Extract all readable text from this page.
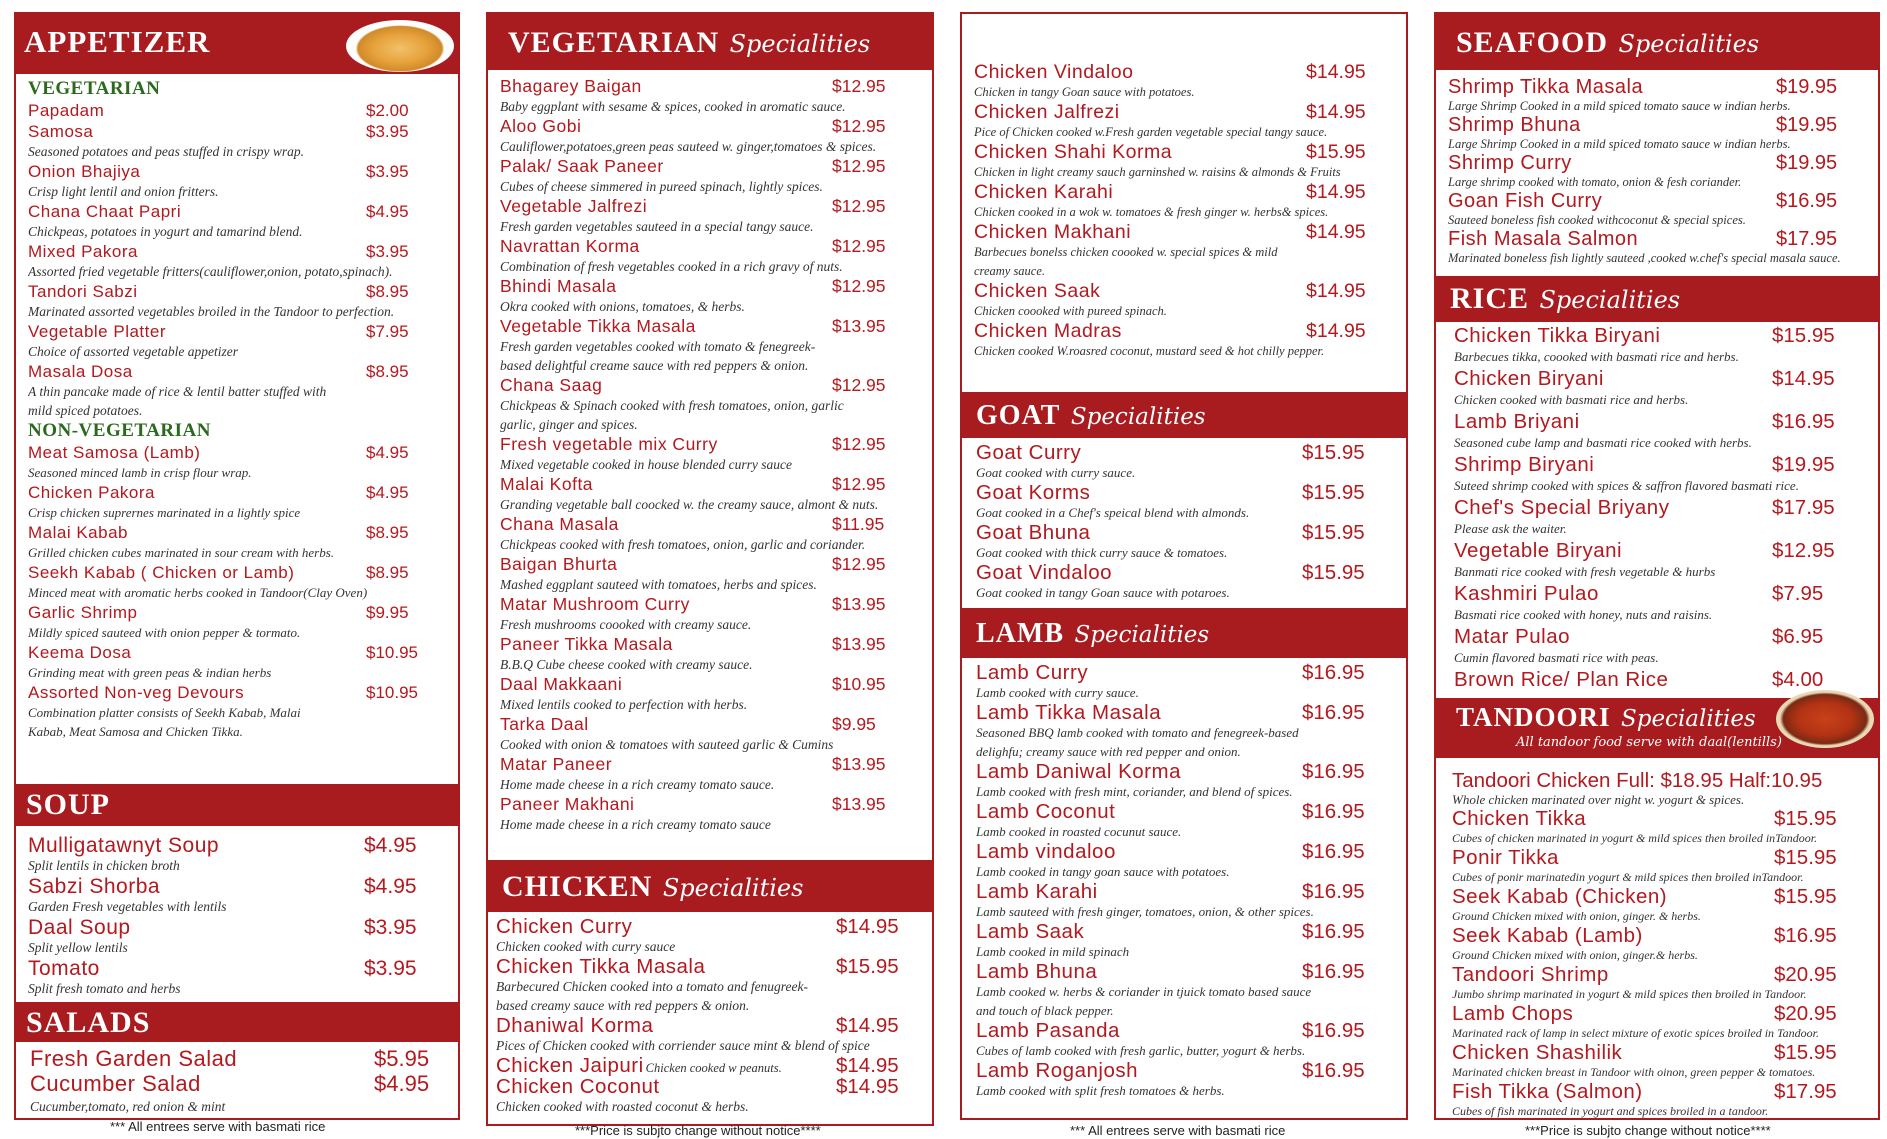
APPETIZER
VEGETARIAN
Papadam	$2.00
Samosa	$3.95
Seasoned potatoes and peas stuffed in crispy wrap.
Onion Bhajiya	$3.95
Crisp light lentil and onion fritters.
Chana Chaat Papri	$4.95
Chickpeas, potatoes in yogurt and tamarind blend.
Mixed Pakora	$3.95
Assorted fried vegetable fritters(cauliflower,onion, potato,spinach).
Tandori Sabzi	$8.95
Marinated assorted vegetables broiled in the Tandoor to perfection.
Vegetable Platter	$7.95
Choice of assorted vegetable appetizer
Masala Dosa	$8.95
A thin pancake made of rice & lentil batter stuffed with
mild spiced potatoes.
NON-VEGETARIAN
Meat Samosa (Lamb)	$4.95
Seasoned minced lamb in crisp flour wrap.
Chicken Pakora	$4.95
Crisp chicken suprernes marinated in a lightly spice
Malai Kabab	$8.95
Grilled chicken cubes marinated in sour cream with herbs.
Seekh Kabab ( Chicken or Lamb)	$8.95
Minced meat with aromatic herbs cooked in Tandoor(Clay Oven)
Garlic Shrimp	$9.95
Mildly spiced sauteed with onion pepper & tormato.
Keema Dosa	$10.95
Grinding meat with green peas & indian herbs
Assorted Non-veg Devours	$10.95
Combination platter consists of Seekh Kabab, Malai
Kabab, Meat Samosa and Chicken Tikka.
SOUP
Mulligatawnyt Soup	$4.95
Split lentils in chicken broth
Sabzi Shorba	$4.95
Garden Fresh vegetables with lentils
Daal Soup	$3.95
Split yellow lentils
Tomato	$3.95
Split fresh tomato and herbs
SALADS
Fresh Garden Salad	$5.95
Cucumber Salad	$4.95
Cucumber,tomato, red onion & mint
*** All entrees serve with basmati rice
VEGETARIAN Specialities
Bhagarey Baigan	$12.95
Baby eggplant with sesame & spices, cooked in aromatic sauce.
Aloo Gobi	$12.95
Cauliflower,potatoes,green peas sauteed w. ginger,tomatoes & spices.
Palak/ Saak Paneer	$12.95
Cubes of cheese simmered in pureed spinach, lightly spices.
Vegetable Jalfrezi	$12.95
Fresh garden vegetables sauteed in a special tangy sauce.
Navrattan Korma	$12.95
Combination of fresh vegetables cooked in a rich gravy of nuts.
Bhindi Masala	$12.95
Okra cooked with onions, tomatoes, & herbs.
Vegetable Tikka Masala	$13.95
Fresh garden vegetables cooked with tomato & fenegreek-
based delightful creame sauce with red peppers & onion.
Chana Saag	$12.95
Chickpeas & Spinach cooked with fresh tomatoes, onion, garlic
garlic, ginger and spices.
Fresh vegetable mix Curry	$12.95
Mixed vegetable cooked in house blended curry sauce
Malai Kofta	$12.95
Granding vegetable ball coocked w. the creamy sauce, almont & nuts.
Chana Masala	$11.95
Chickpeas cooked with fresh tomatoes, onion, garlic and coriander.
Baigan Bhurta	$12.95
Mashed eggplant sauteed with tomatoes, herbs and spices.
Matar Mushroom Curry	$13.95
Fresh mushrooms coooked with creamy sauce.
Paneer Tikka Masala	$13.95
B.B.Q Cube cheese cooked with creamy sauce.
Daal Makkaani	$10.95
Mixed lentils cooked to perfection with herbs.
Tarka Daal	$9.95
Cooked with onion & tomatoes with sauteed garlic & Cumins
Matar Paneer	$13.95
Home made cheese in a rich creamy tomato sauce.
Paneer Makhani	$13.95
Home made cheese in a rich creamy tomato sauce
CHICKEN Specialities
Chicken Curry	$14.95
Chicken cooked with curry sauce
Chicken Tikka Masala	$15.95
Barbecured Chicken cooked into a tomato and fenugreek-
based creamy sauce with red peppers & onion.
Dhaniwal Korma	$14.95
Pices of Chicken cooked with corriender sauce mint & blend of spice
Chicken Jaipuri Chicken cooked w peanuts.	$14.95
Chicken Coconut	$14.95
Chicken cooked with roasted coconut & herbs.
***Price is subjto change without notice****
Chicken Vindaloo	$14.95
Chicken in tangy Goan sauce with potatoes.
Chicken Jalfrezi	$14.95
Pice of Chicken cooked w.Fresh garden vegetable special tangy sauce.
Chicken Shahi Korma	$15.95
Chicken in light creamy sauch garninshed w. raisins & almonds & Fruits
Chicken Karahi	$14.95
Chicken cooked in a wok w. tomatoes & fresh ginger w. herbs& spices.
Chicken Makhani	$14.95
Barbecues bonelss chicken coooked w. special spices & mild
creamy sauce.
Chicken Saak	$14.95
Chicken coooked with pureed spinach.
Chicken Madras	$14.95
Chicken cooked W.roasred coconut, mustard seed & hot chilly pepper.
GOAT Specialities
Goat Curry	$15.95
Goat cooked with curry sauce.
Goat Korms	$15.95
Goat cooked in a Chef's speical blend with almonds.
Goat Bhuna	$15.95
Goat cooked with thick curry sauce & tomatoes.
Goat Vindaloo	$15.95
Goat cooked in tangy Goan sauce with potaroes.
LAMB Specialities
Lamb Curry	$16.95
Lamb cooked with curry sauce.
Lamb Tikka Masala	$16.95
Seasoned BBQ lamb cooked with tomato and fenegreek-based
delighfu; creamy sauce with red pepper and onion.
Lamb Daniwal Korma	$16.95
Lamb cooked with fresh mint, coriander, and blend of spices.
Lamb Coconut	$16.95
Lamb cooked in roasted cocunut sauce.
Lamb vindaloo	$16.95
Lamb cooked in tangy goan sauce with potatoes.
Lamb Karahi	$16.95
Lamb sauteed with fresh ginger, tomatoes, onion, & other spices.
Lamb Saak	$16.95
Lamb cooked in mild spinach
Lamb Bhuna	$16.95
Lamb cooked w. herbs & coriander in tjuick tomato based sauce
and touch of black pepper.
Lamb Pasanda	$16.95
Cubes of lamb cooked with fresh garlic, butter, yogurt & herbs.
Lamb Roganjosh	$16.95
Lamb cooked with split fresh tomatoes & herbs.
*** All entrees serve with basmati rice
SEAFOOD Specialities
Shrimp Tikka Masala	$19.95
Large Shrimp Cooked in a mild spiced tomato sauce w indian herbs.
Shrimp Bhuna	$19.95
Large Shrimp Cooked in a mild spiced tomato sauce w indian herbs.
Shrimp Curry	$19.95
Large shrimp cooked with tomato, onion & fesh coriander.
Goan Fish Curry	$16.95
Sauteed boneless fish cooked withcoconut & special spices.
Fish Masala Salmon	$17.95
Marinated boneless fish lightly sauteed ,cooked w.chef's special masala sauce.
RICE Specialities
Chicken Tikka Biryani	$15.95
Barbecues tikka, coooked with basmati rice and herbs.
Chicken Biryani	$14.95
Chicken cooked with basmati rice and herbs.
Lamb Briyani	$16.95
Seasoned cube lamp and basmati rice cooked with herbs.
Shrimp Biryani	$19.95
Suteed shrimp cooked with spices & saffron flavored basmati rice.
Chef's Special Briyany	$17.95
Please ask the waiter.
Vegetable Biryani	$12.95
Banmati rice cooked with fresh vegetable & hurbs
Kashmiri Pulao	$7.95
Basmati rice cooked with honey, nuts and raisins.
Matar Pulao	$6.95
Cumin flavored basmati rice with peas.
Brown Rice/ Plan Rice	$4.00
TANDOORI Specialities
All tandoor food serve with daal(lentills)
Tandoori Chicken Full: $18.95 Half:10.95
Whole chicken marinated over night w. yogurt & spices.
Chicken Tikka	$15.95
Cubes of chicken marinated in yogurt & mild spices then broiled inTandoor.
Ponir Tikka	$15.95
Cubes of ponir marinatedin yogurt & mild spices then broiled inTandoor.
Seek Kabab (Chicken)	$15.95
Ground Chicken mixed with onion, ginger. & herbs.
Seek Kabab (Lamb)	$16.95
Ground Chicken mixed with onion, ginger.& herbs.
Tandoori Shrimp	$20.95
Jumbo shrimp marinated in yogurt & mild spices then broiled in Tandoor.
Lamb Chops	$20.95
Marinated rack of lamp in select mixture of exotic spices broiled in Tandoor.
Chicken Shashilik	$15.95
Marinated chicken breast in Tandoor with oinon, green pepper & tomatoes.
Fish Tikka (Salmon)	$17.95
Cubes of fish marinated in yogurt and spices broiled in a tandoor.
***Price is subjto change without notice****
